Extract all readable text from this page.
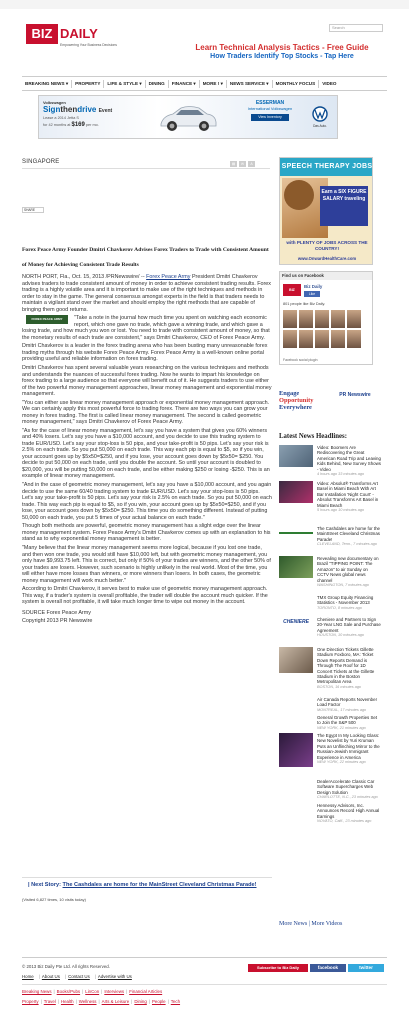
BIZ DAILY
Empowering Your Business Decisions
Search
Learn Technical Analysis Tactics - Free Guide
How Traders Identify Top Stocks - Tap Here
BREAKING NEWS ▾	PROPERTY	LIFE & STYLE ▾	DINING	FINANCE ▾	MORE ! ▾	NEWS SERVICE ▾	MONTHLY FOCUS	VIDEO
Volkswagen
Signthendrive Event
Lease a 2014 Jetta S
for 42 months at $169 per mo.
ESSERMAN
International Volkswagen
View Inventory
Das Auto.
SINGAPORE	▤	✉	A
SHARE
Forex Peace Army Founder Dmitri Chavkerov Advises Forex Traders to Trade with Consistent Amount of Money for Achieving Consistent Trade Results

NORTH PORT, Fla., Oct. 15, 2013 /PRNewswire/ -- Forex Peace Army President Dmitri Chavkerov advises traders to trade consistent amount of money in order to achieve consistent trading results. Forex trading is a highly volatile area and it is important to make use of the right techniques and methods in order to stay in the game. The general consensus amongst experts in the field is that traders needs to maintain a vigilant stand over the market and should employ the right methods that are capable of bringing them good returns.

FOREX PEACE ARMY	"Take a note in the journal how much time you spent on watching each economic report, which one gave no trade, which gave a winning trade, and which gave a losing trade, and how much you won or lost. You need to trade with consistent amount of money, so that the monetary results of each trade are consistent," says Dmitri Chavkerov, CEO of Forex Peace Army.

Dmitri Chavkerov is a leader in the forex trading arena who has been busting many unreasonable forex trading myths through his website Forex Peace Army. Forex Peace Army is a well-known online portal providing useful and reliable information on forex trading.

Dmitri Chavkerov has spent several valuable years researching on the various techniques and methods and understands the nuances of successful forex trading. Now he wants to impart his knowledge on forex trading to a large audience so that everyone will benefit out of it. He suggests traders to use either of the two powerful money management approaches, linear money management and exponential money management.

"You can either use linear money management approach or exponential money management approach. We can certainly apply this most powerful force to trading forex. There are two ways you can grow your money in forex trading. The first is called linear money management. The second is called geometric money management," says Dmitri Chavkerov of Forex Peace Army.

"As for the case of linear money management, let's say you have a system that gives you 60% winners and 40% losers. Let's say you have a $10,000 account, and you decide to use this trading system to trade EUR/USD. Let's say your stop-loss is 50 pips, and your take-profit is 50 pips. Let's say your risk is 2.5% on each trade. So you put 50,000 on each trade. This way each pip is equal to $5, so if you win, your account goes up by $5x50=$250, and if you lose, your account goes down by $5x50= $250. You decide to put 50,000 on each trade, until you double the account. So until your account is doubled to $20,000, you will be putting 50,000 on each trade, and be either making $250 or losing -$250. This is an example of linear money management.

"And in the case of geometric money management, let's say you have a $10,000 account, and you again decide to use the same 60/40 trading system to trade EUR/USD. Let's say your stop-loss is 50 pips. Let's say your take-profit is 50 pips. Let's say your risk is 2.5% on each trade. So you put 50,000 on each trade. This way each pip is equal to $5, so if you win, your account goes up by $5x50=$250, and if you lose, your account goes down by $5x50= $250. This time you do something different. Instead of putting 50,000 on each trade, you put 5 times of your actual balance on each trade."

Though both methods are powerful, geometric money management has a slight edge over the linear money management system. Forex Peace Army's Dmitri Chavkerov comes up with an explanation to his stand as to why exponential money management is better.

"Many believe that the linear money management seems more logical, because if you lost one trade, and then won one trade, you would still have $10,000 left, but with geometric money management, you only have $9,993.75 left. This is correct, but only if 50% of your trades are winners, and the other 50% of your trades are losers. However, such scenario is highly unlikely in the real world. Most of the time, you will either have more losses than winners, or more winners than losers. In both cases, the geometric money management will work much better."

According to Dmitri Chavkerov, it serves best to make use of geometric money management approach. This way, if a trader's system is overall profitable, the trader will double the account much quicker. If the system is overall not profitable, it will take much longer time to wipe out money in the account.

SOURCE Forex Peace Army

Copyright 2013 PR Newswire

| Next Story: The Cashdales are home for the MainStreet Cleveland Christmas Parade!
(Visited 6,827 times, 10 visits today)
SPEECH THERAPY JOBS
Earn a SIX FIGURE SALARY traveling
with PLENTY OF JOBS ACROSS THE COUNTRY!
www.OnwardHealthCare.com
Find us on Facebook
BIZ
Biz Daily
Like
801 people like Biz Daily.
Facebook social plugin
Engage
Opportunity
Everywhere
PR Newswire
Latest News Headlines:
Video: Boomers Are Rediscovering the Great American Road Trip and Leaving Kids Behind, New Survey Shows - Video
4 hours ago 33 minutes ago
Video: Absolut® Transforms Art Basel in Miami Beach With Art Bar Installation 'Night Court' - Absolut Transforms Art Basel in Miami Beach
5 hours ago 10 minutes ago
The Cashdales are home for the MainStreet Cleveland Christmas Parade!
CLEVELAND, Tenn., 7 minutes ago
Revealing new documentary on Brazil "TIPPING POINT: The Amazon" to air Sunday on CCTV News global news channel
WASHINGTON, 7 minutes ago
TMX Group Equity Financing Statistics - November 2013
TORONTO, 8 minutes ago
CHENIERE	Cheniere and Partners to Sign 20-Year LNG Sale and Purchase Agreement
HOUSTON, 10 minutes ago
One Direction Tickets Gillette Stadium Foxboro, MA: Ticket Down Reports Demand is Through The Roof for 1D Concert Tickets at the Gillette Stadium in the Boston Metropolitan Area
BOSTON, 16 minutes ago
Air Canada Reports November Load Factor
MONTREAL, 17 minutes ago
General Growth Properties Set to Join the S&P 500
NEW YORK, 21 minutes ago
The Egypt In My Looking Glass: New Novelist by Yuri Kruman Puts an Unflinching Mirror to the Russian-Jewish Immigrant Experience in America
NEW YORK, 22 minutes ago
DealerAccelerate Classic Car Software Supercharges Web Design Solution
CHARLOTTE, N.C., 23 minutes ago
Hennessy Advisors, Inc. Announces Record High Annual Earnings
NOVATO, Calif., 23 minutes ago
More News | More Videos
© 2013 Biz Daily Pte Ltd. All rights Reserved.	Subscribe to Biz Daily	facebook	twitter
Home | About Us | Contact Us | Advertise with Us
Breaking News | Books/Pubs | LinCon | Interviews | Financial Articles
Property | Travel | Health | Wellness | Arts & Leisure | Dining | People | Tech
